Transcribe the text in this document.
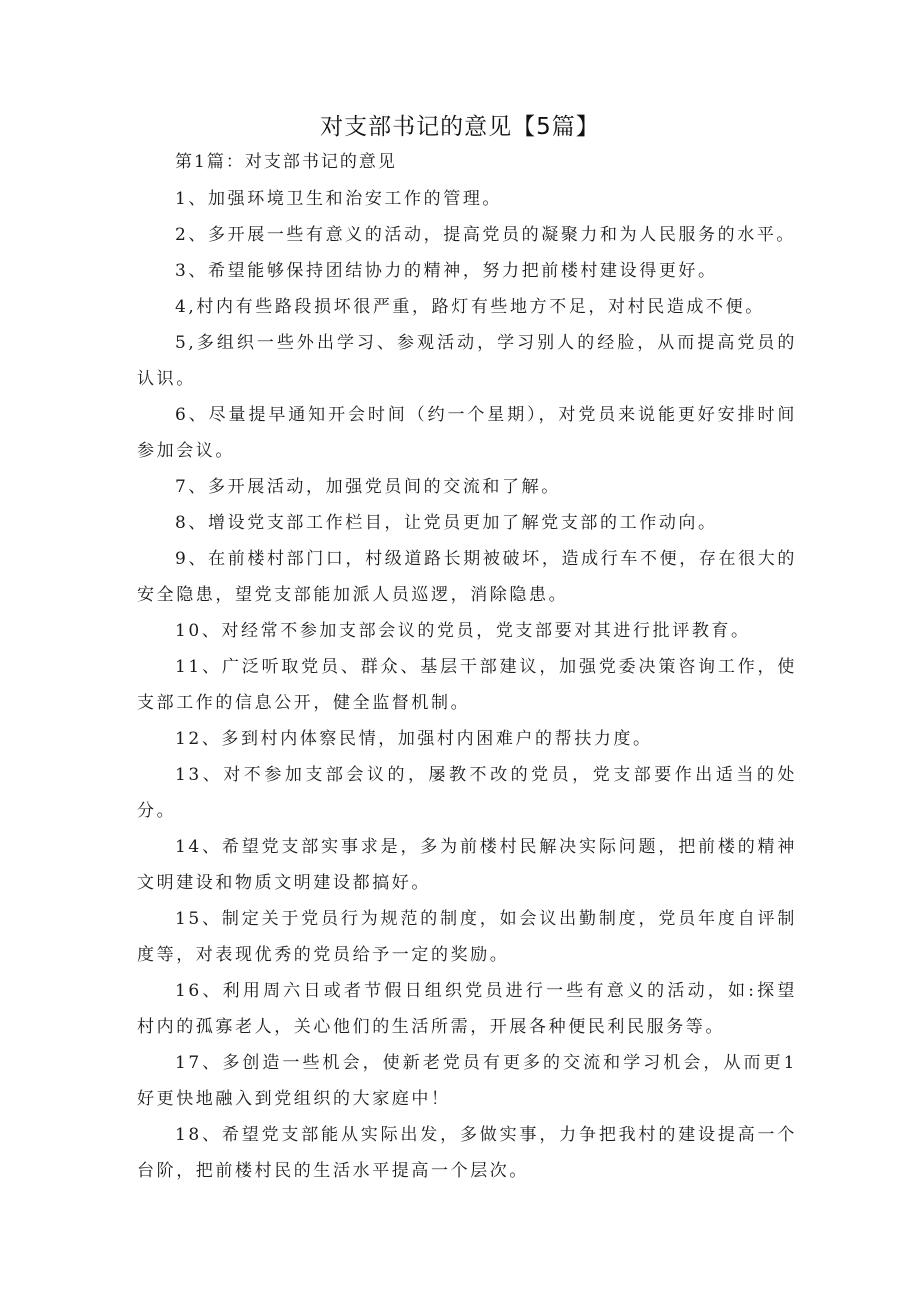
对支部书记的意见【5篇】
第1篇：对支部书记的意见

1、加强环境卫生和治安工作的管理。

2、多开展一些有意义的活动，提高党员的凝聚力和为人民服务的水平。

3、希望能够保持团结协力的精神，努力把前楼村建设得更好。

4,村内有些路段损坏很严重，路灯有些地方不足，对村民造成不便。

5,多组织一些外出学习、参观活动，学习别人的经脸，从而提高党员的认识。

6、尽量提早通知开会时间（约一个星期），对党员来说能更好安排时间参加会议。

7、多开展活动，加强党员间的交流和了解。

8、增设党支部工作栏目，让党员更加了解党支部的工作动向。

9、在前楼村部门口，村级道路长期被破坏，造成行车不便，存在很大的安全隐患，望党支部能加派人员巡逻，消除隐患。

10、对经常不参加支部会议的党员，党支部要对其进行批评教育。

11、广泛听取党员、群众、基层干部建议，加强党委决策咨询工作，使支部工作的信息公开，健全监督机制。

12、多到村内体察民情，加强村内困难户的帮扶力度。

13、对不参加支部会议的，屡教不改的党员，党支部要作出适当的处分。

14、希望党支部实事求是，多为前楼村民解决实际问题，把前楼的精神文明建设和物质文明建设都搞好。

15、制定关于党员行为规范的制度，如会议出勤制度，党员年度自评制度等，对表现优秀的党员给予一定的奖励。

16、利用周六日或者节假日组织党员进行一些有意义的活动，如:探望村内的孤寡老人，关心他们的生活所需，开展各种便民利民服务等。

17、多创造一些机会，使新老党员有更多的交流和学习机会，从而更1好更快地融入到党组织的大家庭中！

18、希望党支部能从实际出发，多做实事，力争把我村的建设提高一个台阶，把前楼村民的生活水平提高一个层次。
